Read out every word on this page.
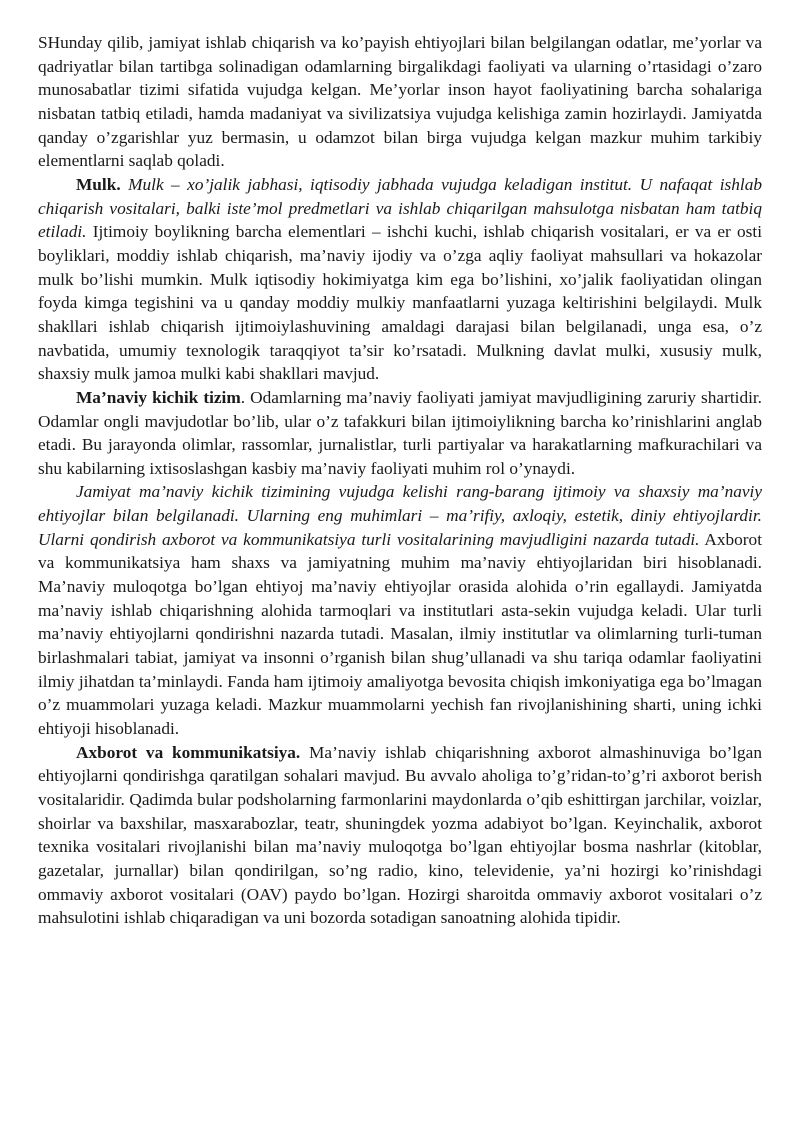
SHunday qilib, jamiyat ishlab chiqarish va ko’payish ehtiyojlari bilan belgilangan odatlar, me’yorlar va qadriyatlar bilan tartibga solinadigan odamlarning birgalikdagi faoliyati va ularning o’rtasidagi o’zaro munosabatlar tizimi sifatida vujudga kelgan. Me’yorlar inson hayot faoliyatining barcha sohalariga nisbatan tatbiq etiladi, hamda madaniyat va sivilizatsiya vujudga kelishiga zamin hozirlaydi. Jamiyatda qanday o’zgarishlar yuz bermasin, u odamzot bilan birga vujudga kelgan mazkur muhim tarkibiy elementlarni saqlab qoladi.

Mulk. Mulk – xo’jalik jabhasi, iqtisodiy jabhada vujudga keladigan institut. U nafaqat ishlab chiqarish vositalari, balki iste’mol predmetlari va ishlab chiqarilgan mahsulotga nisbatan ham tatbiq etiladi. Ijtimoiy boylikning barcha elementlari – ishchi kuchi, ishlab chiqarish vositalari, er va er osti boyliklari, moddiy ishlab chiqarish, ma’naviy ijodiy va o’zga aqliy faoliyat mahsullari va hokazolar mulk bo’lishi mumkin. Mulk iqtisodiy hokimiyatga kim ega bo’lishini, xo’jalik faoliyatidan olingan foyda kimga tegishini va u qanday moddiy mulkiy manfaatlarni yuzaga keltirishini belgilaydi. Mulk shakllari ishlab chiqarish ijtimoiylashuvining amaldagi darajasi bilan belgilanadi, unga esa, o’z navbatida, umumiy texnologik taraqqiyot ta’sir ko’rsatadi. Mulkning davlat mulki, xususiy mulk, shaxsiy mulk jamoa mulki kabi shakllari mavjud.

Ma’naviy kichik tizim. Odamlarning ma’naviy faoliyati jamiyat mavjudligining zaruriy shartidir. Odamlar ongli mavjudotlar bo’lib, ular o’z tafakkuri bilan ijtimoiylikning barcha ko’rinishlarini anglab etadi. Bu jarayonda olimlar, rassomlar, jurnalistlar, turli partiyalar va harakatlarning mafkurachilari va shu kabilarning ixtisoslashgan kasbiy ma’naviy faoliyati muhim rol o’ynaydi.

Jamiyat ma’naviy kichik tizimining vujudga kelishi rang-barang ijtimoiy va shaxsiy ma’naviy ehtiyojlar bilan belgilanadi. Ularning eng muhimlari – ma’rifiy, axloqiy, estetik, diniy ehtiyojlardir. Ularni qondirish axborot va kommunikatsiya turli vositalarining mavjudligini nazarda tutadi. Axborot va kommunikatsiya ham shaxs va jamiyatning muhim ma’naviy ehtiyojlaridan biri hisoblanadi. Ma’naviy muloqotga bo’lgan ehtiyoj ma’naviy ehtiyojlar orasida alohida o’rin egallaydi. Jamiyatda ma’naviy ishlab chiqarishning alohida tarmoqlari va institutlari asta-sekin vujudga keladi. Ular turli ma’naviy ehtiyojlarni qondirishni nazarda tutadi. Masalan, ilmiy institutlar va olimlarning turli-tuman birlashmalari tabiat, jamiyat va insonni o’rganish bilan shug’ullanadi va shu tariqa odamlar faoliyatini ilmiy jihatdan ta’minlaydi. Fanda ham ijtimoiy amaliyotga bevosita chiqish imkoniyatiga ega bo’lmagan o’z muammolari yuzaga keladi. Mazkur muammolarni yechish fan rivojlanishining sharti, uning ichki ehtiyoji hisoblanadi.

Axborot va kommunikatsiya. Ma’naviy ishlab chiqarishning axborot almashinuviga bo’lgan ehtiyojlarni qondirishga qaratilgan sohalari mavjud. Bu avvalo aholiga to’g’ridan-to’g’ri axborot berish vositalaridir. Qadimda bular podsholarning farmonlarini maydonlarda o’qib eshittirgan jarchilar, voizlar, shoirlar va baxshilar, masxarabozlar, teatr, shuningdek yozma adabiyot bo’lgan. Keyinchalik, axborot texnika vositalari rivojlanishi bilan ma’naviy muloqotga bo’lgan ehtiyojlar bosma nashrlar (kitoblar, gazetalar, jurnallar) bilan qondirilgan, so’ng radio, kino, televidenie, ya’ni hozirgi ko’rinishdagi ommaviy axborot vositalari (OAV) paydo bo’lgan. Hozirgi sharoitda ommaviy axborot vositalari o’z mahsulotini ishlab chiqaradigan va uni bozorda sotadigan sanoatning alohida tipidir.
